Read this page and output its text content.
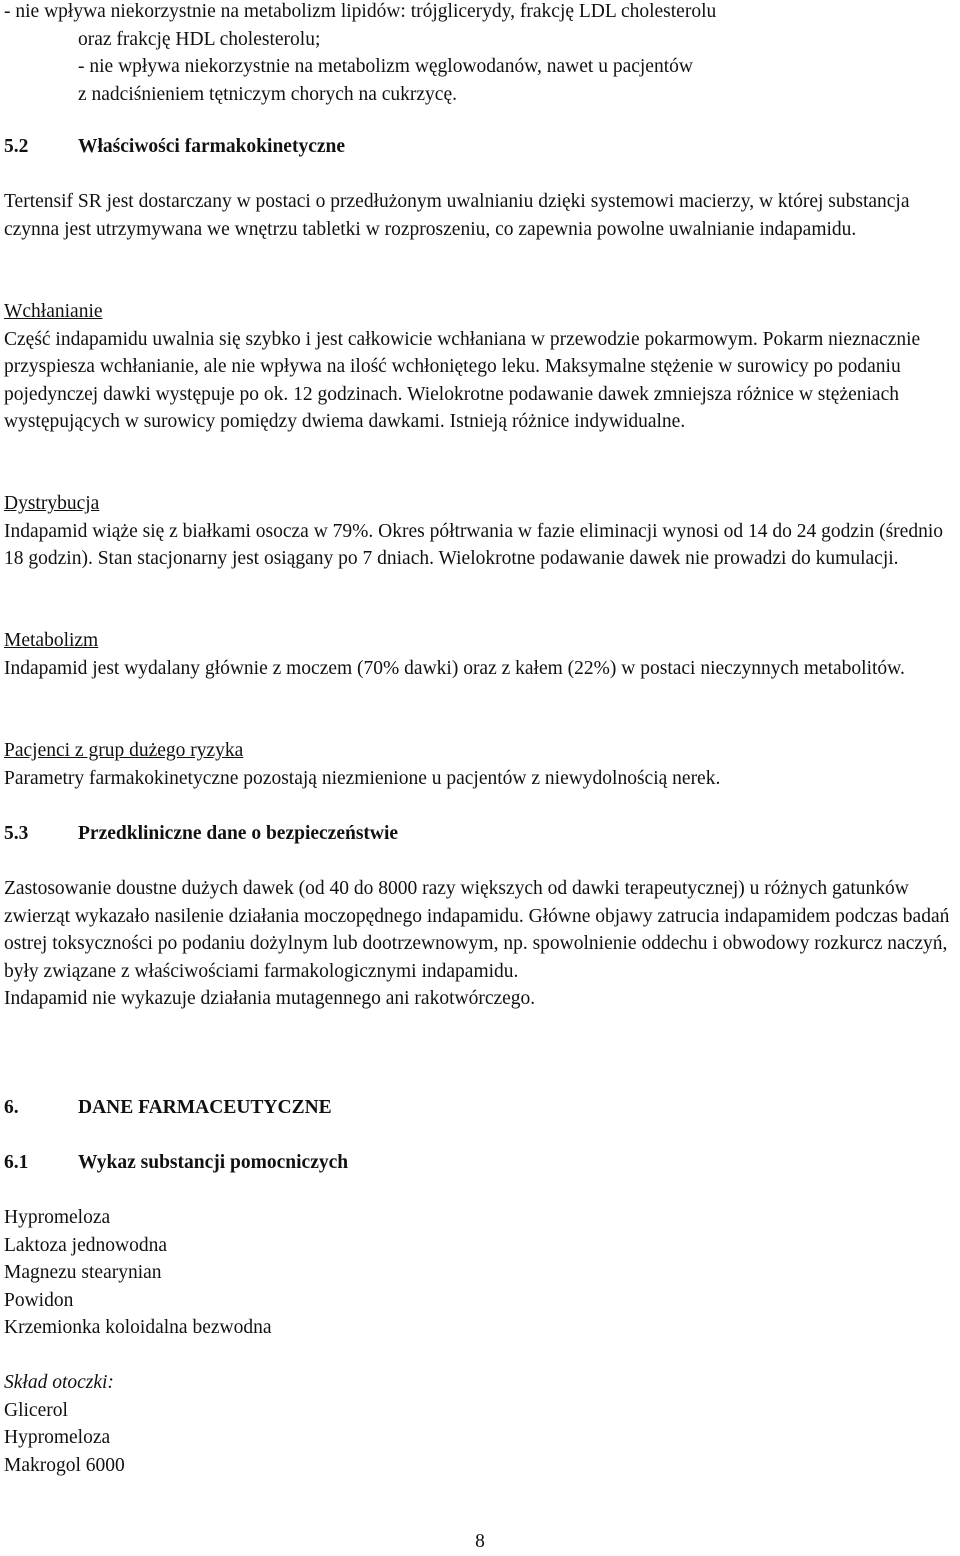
- nie wpływa niekorzystnie na metabolizm lipidów: trójglicerydy, frakcję LDL cholesterolu

oraz frakcję HDL cholesterolu;

- nie wpływa niekorzystnie na metabolizm węglowodanów, nawet u pacjentów

z nadciśnieniem tętniczym chorych na cukrzycę.

5.2	Właściwości farmakokinetyczne

Tertensif SR jest dostarczany w postaci o przedłużonym uwalnianiu dzięki systemowi macierzy, w której substancja czynna jest utrzymywana we wnętrzu tabletki w rozproszeniu, co zapewnia powolne uwalnianie indapamidu.

Wchłanianie

Część indapamidu uwalnia się szybko i jest całkowicie wchłaniana w przewodzie pokarmowym. Pokarm nieznacznie przyspiesza wchłanianie, ale nie wpływa na ilość wchłoniętego leku. Maksymalne stężenie w surowicy po podaniu pojedynczej dawki występuje po ok. 12 godzinach. Wielokrotne podawanie dawek zmniejsza różnice w stężeniach występujących w surowicy pomiędzy dwiema dawkami. Istnieją różnice indywidualne.

Dystrybucja

Indapamid wiąże się z białkami osocza w 79%. Okres półtrwania w fazie eliminacji wynosi od 14 do 24 godzin (średnio 18 godzin). Stan stacjonarny jest osiągany po 7 dniach. Wielokrotne podawanie dawek nie prowadzi do kumulacji.

Metabolizm

Indapamid jest wydalany głównie z moczem (70% dawki) oraz z kałem (22%) w postaci nieczynnych metabolitów.

Pacjenci z grup dużego ryzyka

Parametry farmakokinetyczne pozostają niezmienione u pacjentów z niewydolnością nerek.

5.3	Przedkliniczne dane o bezpieczeństwie

Zastosowanie doustne dużych dawek (od 40 do 8000 razy większych od dawki terapeutycznej) u różnych gatunków zwierząt wykazało nasilenie działania moczopędnego indapamidu. Główne objawy zatrucia indapamidem podczas badań ostrej toksyczności po podaniu dożylnym lub dootrzewnowym, np. spowolnienie oddechu i obwodowy rozkurcz naczyń, były związane z właściwościami farmakologicznymi indapamidu.

Indapamid nie wykazuje działania mutagennego ani rakotwórczego.

6.	DANE FARMACEUTYCZNE
6.1	Wykaz substancji pomocniczych

Hypromeloza

Laktoza jednowodna

Magnezu stearynian

Powidon

Krzemionka koloidalna bezwodna

Skład otoczki:

Glicerol

Hypromeloza

Makrogol 6000

8
